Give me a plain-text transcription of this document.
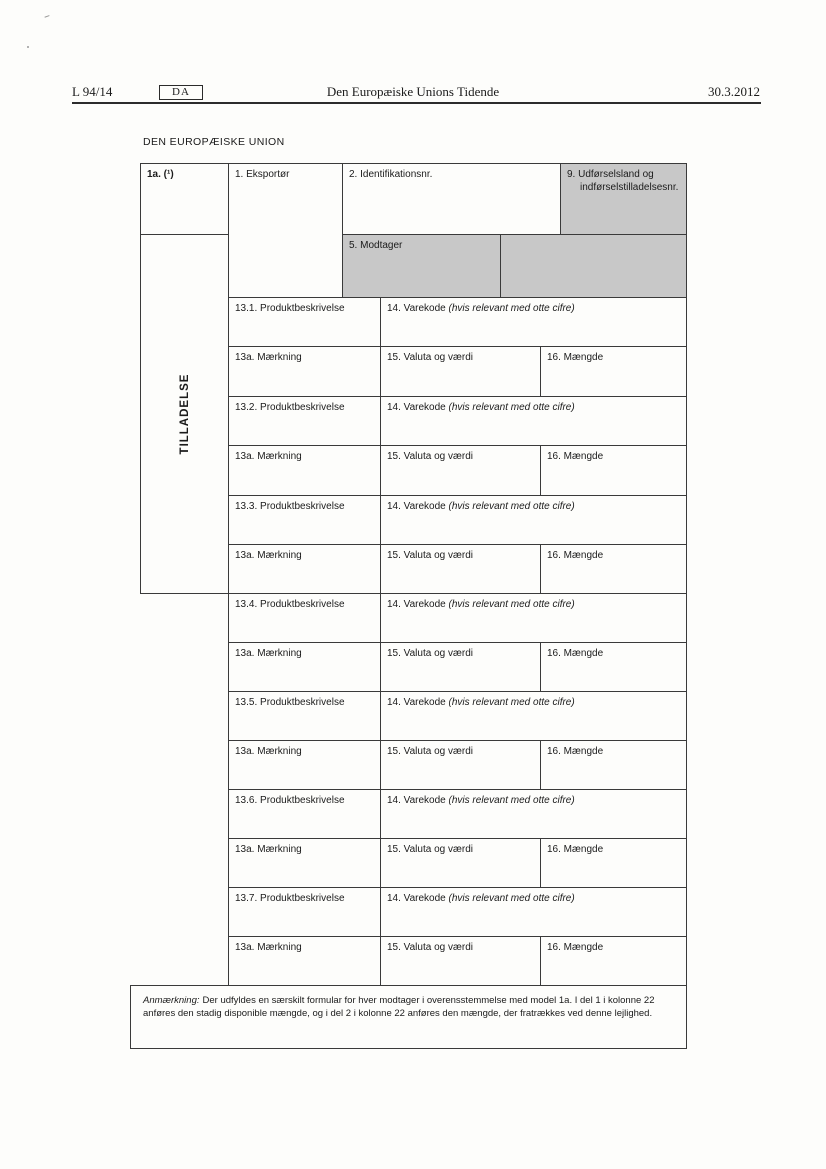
L 94/14	DA	Den Europæiske Unions Tidende	30.3.2012
DEN EUROPÆISKE UNION
1a. (¹)
TILLADELSE
1. Eksportør	2. Identifikationsnr.	9. Udførselsland og indførselstilladelsesnr.
5. Modtager
13.1. Produktbeskrivelse	14. Varekode (hvis relevant med otte cifre)
13a. Mærkning	15. Valuta og værdi	16. Mængde
13.2. Produktbeskrivelse	14. Varekode (hvis relevant med otte cifre)
13a. Mærkning	15. Valuta og værdi	16. Mængde
13.3. Produktbeskrivelse	14. Varekode (hvis relevant med otte cifre)
13a. Mærkning	15. Valuta og værdi	16. Mængde
13.4. Produktbeskrivelse	14. Varekode (hvis relevant med otte cifre)
13a. Mærkning	15. Valuta og værdi	16. Mængde
13.5. Produktbeskrivelse	14. Varekode (hvis relevant med otte cifre)
13a. Mærkning	15. Valuta og værdi	16. Mængde
13.6. Produktbeskrivelse	14. Varekode (hvis relevant med otte cifre)
13a. Mærkning	15. Valuta og værdi	16. Mængde
13.7. Produktbeskrivelse	14. Varekode (hvis relevant med otte cifre)
13a. Mærkning	15. Valuta og værdi	16. Mængde
Anmærkning: Der udfyldes en særskilt formular for hver modtager i overensstemmelse med model 1a. I del 1 i kolonne 22 anføres den stadig disponible mængde, og i del 2 i kolonne 22 anføres den mængde, der fratrækkes ved denne lejlighed.
